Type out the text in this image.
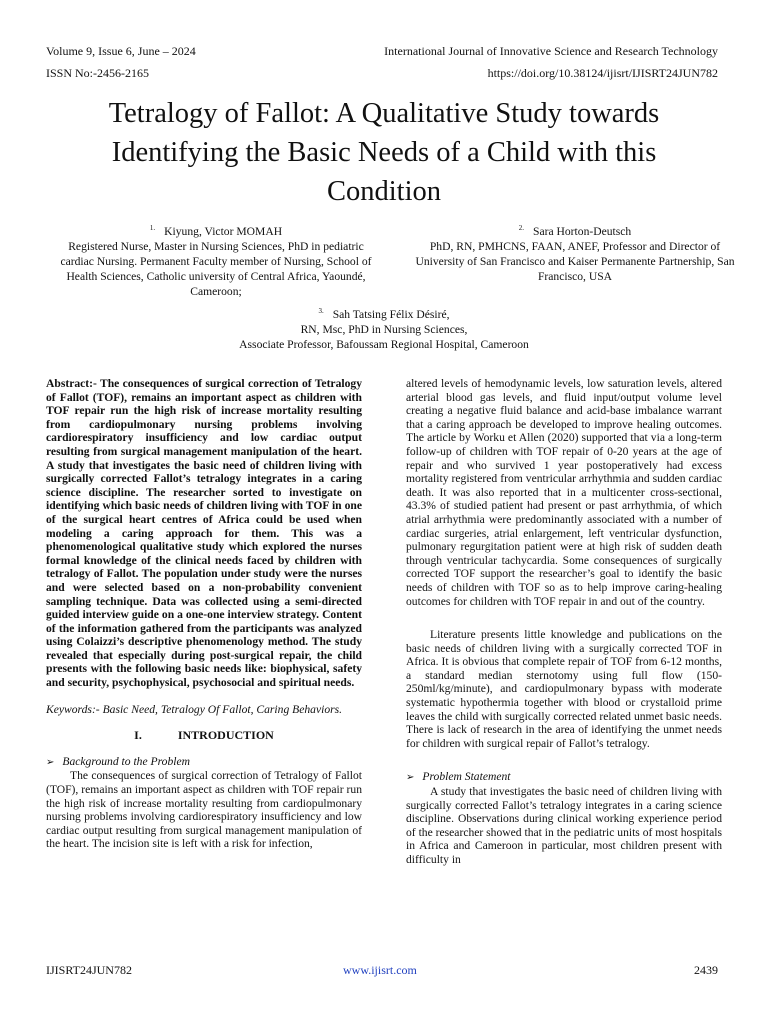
Volume 9, Issue 6, June – 2024	International Journal of Innovative Science and Research Technology
ISSN No:-2456-2165	https://doi.org/10.38124/ijisrt/IJISRT24JUN782
Tetralogy of Fallot: A Qualitative Study towards Identifying the Basic Needs of a Child with this Condition
$^{1.}$ Kiyung, Victor MOMAH
Registered Nurse, Master in Nursing Sciences, PhD in pediatric cardiac Nursing. Permanent Faculty member of Nursing, School of Health Sciences, Catholic university of Central Africa, Yaoundé, Cameroon;
$^{2.}$ Sara Horton-Deutsch
PhD, RN, PMHCNS, FAAN, ANEF, Professor and Director of University of San Francisco and Kaiser Permanente Partnership, San Francisco, USA
$^{3.}$ Sah Tatsing Félix Désiré,
RN, Msc, PhD in Nursing Sciences,
Associate Professor, Bafoussam Regional Hospital, Cameroon

Abstract:- The consequences of surgical correction of Tetralogy of Fallot (TOF), remains an important aspect as children with TOF repair run the high risk of increase mortality resulting from cardiopulmonary nursing problems involving cardiorespiratory insufficiency and low cardiac output resulting from surgical management manipulation of the heart. A study that investigates the basic need of children living with surgically corrected Fallot’s tetralogy integrates in a caring science discipline. The researcher sorted to investigate on identifying which basic needs of children living with TOF in one of the surgical heart centres of Africa could be used when modeling a caring approach for them. This was a phenomenological qualitative study which explored the nurses formal knowledge of the clinical needs faced by children with tetralogy of Fallot. The population under study were the nurses and were selected based on a non-probability convenient sampling technique. Data was collected using a semi-directed guided interview guide on a one-one interview strategy. Content of the information gathered from the participants was analyzed using Colaizzi’s descriptive phenomenology method. The study revealed that especially during post-surgical repair, the child presents with the following basic needs like: biophysical, safety and security, psychophysical, psychosocial and spiritual needs.

Keywords:- Basic Need, Tetralogy Of Fallot, Caring Behaviors.

I.	INTRODUCTION

➢ Background to the Problem

The consequences of surgical correction of Tetralogy of Fallot (TOF), remains an important aspect as children with TOF repair run the high risk of increase mortality resulting from cardiopulmonary nursing problems involving cardiorespiratory insufficiency and low cardiac output resulting from surgical management manipulation of the heart. The incision site is left with a risk for infection,

altered levels of hemodynamic levels, low saturation levels, altered arterial blood gas levels, and fluid input/output volume level creating a negative fluid balance and acid-base imbalance warrant that a caring approach be developed to improve healing outcomes. The article by Worku et Allen (2020) supported that via a long-term follow-up of children with TOF repair of 0-20 years at the age of repair and who survived 1 year postoperatively had excess mortality registered from ventricular arrhythmia and sudden cardiac death. It was also reported that in a multicenter cross-sectional, 43.3% of studied patient had present or past arrhythmia, of which atrial arrhythmia were predominantly associated with a number of cardiac surgeries, atrial enlargement, left ventricular dysfunction, pulmonary regurgitation patient were at high risk of sudden death through ventricular tachycardia. Some consequences of surgically corrected TOF support the researcher’s goal to identify the basic needs of children with TOF so as to help improve caring-healing outcomes for children with TOF repair in and out of the country.

Literature presents little knowledge and publications on the basic needs of children living with a surgically corrected TOF in Africa. It is obvious that complete repair of TOF from 6-12 months, a standard median sternotomy using full flow (150-250ml/kg/minute), and cardiopulmonary bypass with moderate systematic hypothermia together with blood or crystalloid prime leaves the child with surgically corrected related unmet basic needs. There is lack of research in the area of identifying the unmet needs for children with surgical repair of Fallot’s tetralogy.

➢ Problem Statement

A study that investigates the basic need of children living with surgically corrected Fallot’s tetralogy integrates in a caring science discipline. Observations during clinical working experience period of the researcher showed that in the pediatric units of most hospitals in Africa and Cameroon in particular, most children present with difficulty in

IJISRT24JUN782	www.ijisrt.com	2439
